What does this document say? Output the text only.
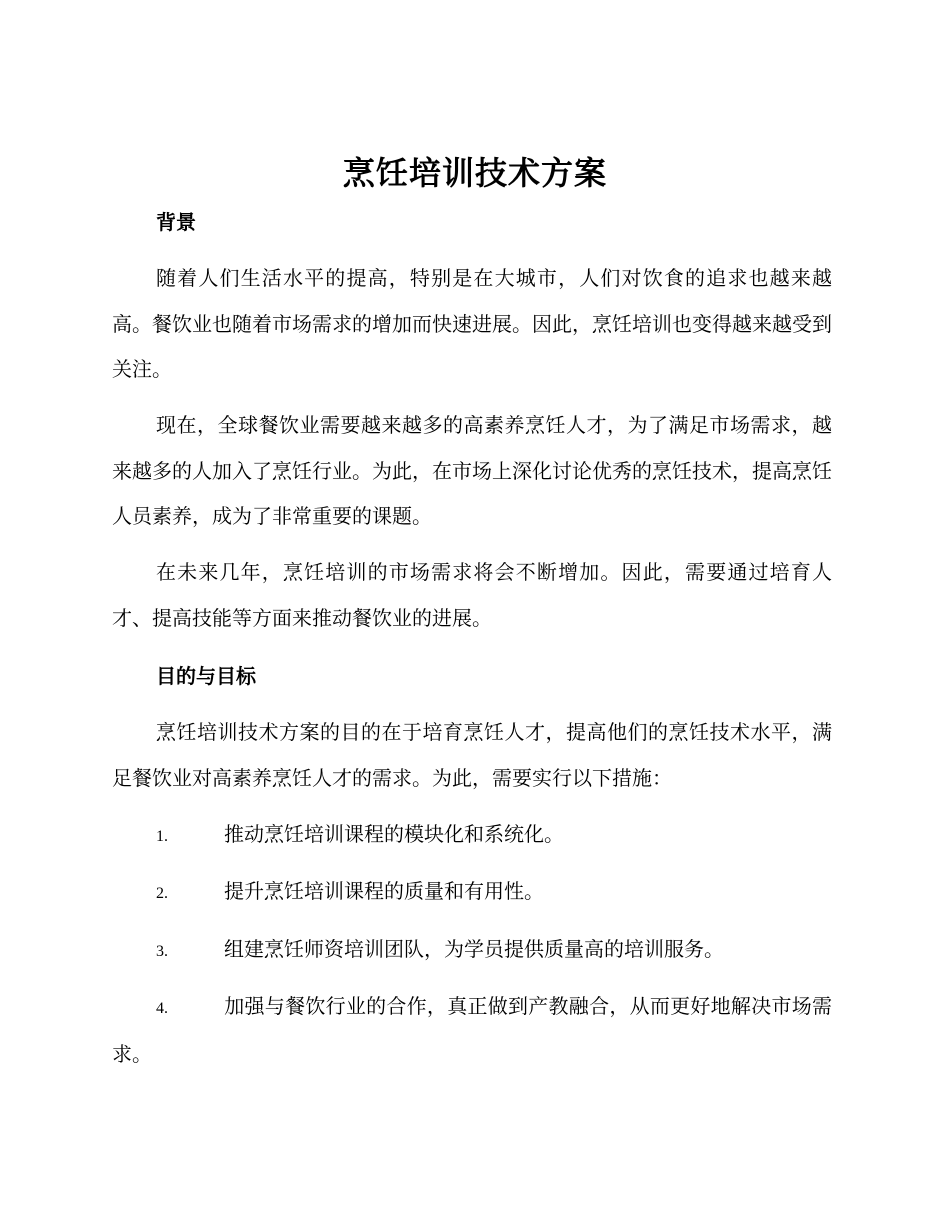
烹饪培训技术方案
背景
随着人们生活水平的提高，特别是在大城市，人们对饮食的追求也越来越高。餐饮业也随着市场需求的增加而快速进展。因此，烹饪培训也变得越来越受到关注。
现在，全球餐饮业需要越来越多的高素养烹饪人才，为了满足市场需求，越来越多的人加入了烹饪行业。为此，在市场上深化讨论优秀的烹饪技术，提高烹饪人员素养，成为了非常重要的课题。
在未来几年，烹饪培训的市场需求将会不断增加。因此，需要通过培育人才、提高技能等方面来推动餐饮业的进展。
目的与目标
烹饪培训技术方案的目的在于培育烹饪人才，提高他们的烹饪技术水平，满足餐饮业对高素养烹饪人才的需求。为此，需要实行以下措施：
1.	推动烹饪培训课程的模块化和系统化。
2.	提升烹饪培训课程的质量和有用性。
3.	组建烹饪师资培训团队，为学员提供质量高的培训服务。
4.	加强与餐饮行业的合作，真正做到产教融合，从而更好地解决市场需求。
